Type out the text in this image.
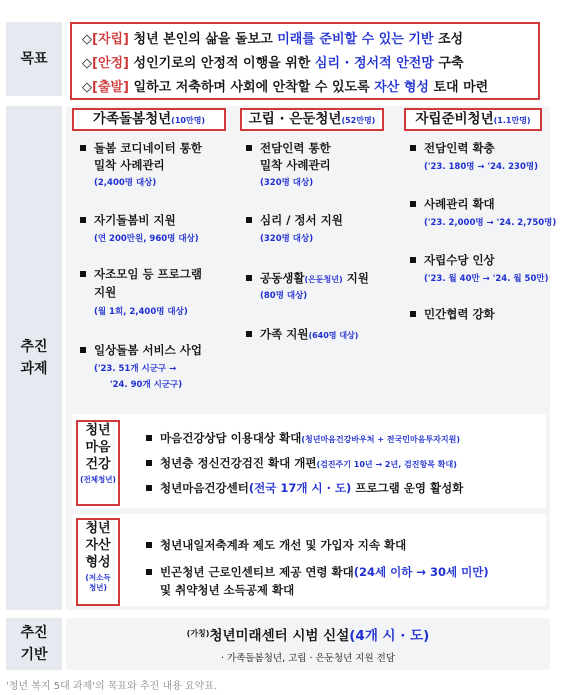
목표
◇[자립] 청년 본인의 삶을 돌보고 미래를 준비할 수 있는 기반 조성
◇[안정] 성인기로의 안정적 이행을 위한 심리 · 정서적 안전망 구축
◇[출발] 일하고 저축하며 사회에 안착할 수 있도록 자산 형성 토대 마련
추진
과제
가족돌봄청년(10만명)	고립 · 은둔청년(52만명)	자립준비청년(1.1만명)
돌봄 코디네이터 통한
밀착 사례관리
(2,400명 대상)
자기돌봄비 지원
(연 200만원, 960명 대상)
자조모임 등 프로그램
지원
(월 1회, 2,400명 대상)
일상돌봄 서비스 사업
('23. 51개 시군구 →
'24. 90개 시군구)
전담인력 통한
밀착 사례관리
(320명 대상)
심리 / 정서 지원
(320명 대상)
공동생활(은둔청년) 지원
(80명 대상)
가족 지원(640명 대상)
전담인력 확충
('23. 180명 → '24. 230명)
사례관리 확대
('23. 2,000명 → '24. 2,750명)
자립수당 인상
('23. 월 40만 → '24. 월 50만)
민간협력 강화
청년
마음
건강
(전체청년)
마음건강상담 이용대상 확대(청년마음건강바우처 + 전국민마음투자지원)
청년층 정신건강검진 확대 개편(검진주기 10년 → 2년, 검진항목 확대)
청년마음건강센터(전국 17개 시 · 도) 프로그램 운영 활성화
청년
자산
형성
(저소득
청년)
청년내일저축계좌 제도 개선 및 가입자 지속 확대
빈곤청년 근로인센티브 제공 연령 확대(24세 이하 → 30세 미만)
및 취약청년 소득공제 확대
추진
기반
$^{(가칭)}$청년미래센터 시범 신설(4개 시 · 도)
· 가족돌봄청년, 고립 · 은둔청년 지원 전담
'청년 복지 5대 과제'의 목표와 추진 내용 요약표.
